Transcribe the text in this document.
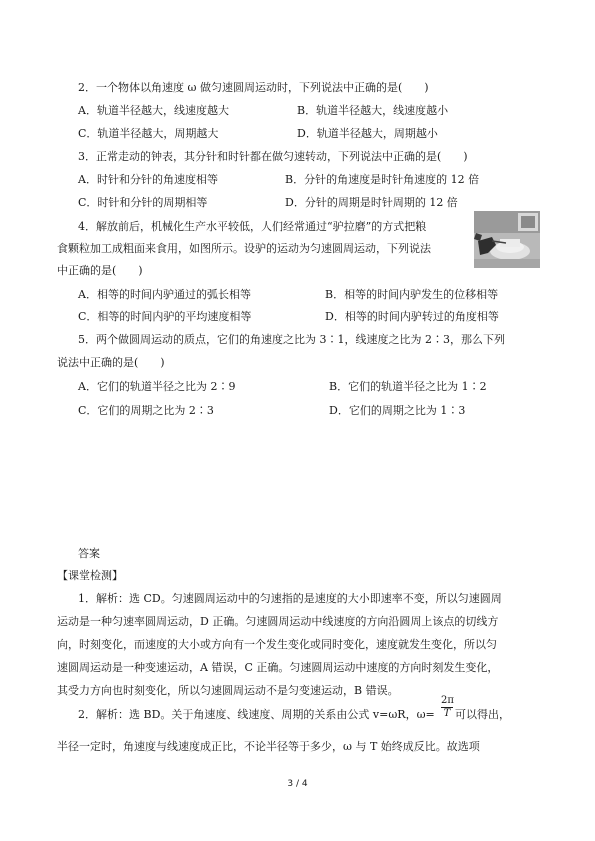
2．一个物体以角速度 ω 做匀速圆周运动时，下列说法中正确的是(　　)
A．轨道半径越大，线速度越大	B．轨道半径越大，线速度越小
C．轨道半径越大，周期越大	D．轨道半径越大，周期越小
3．正常走动的钟表，其分针和时针都在做匀速转动，下列说法中正确的是(　　)
A．时针和分针的角速度相等	B．分针的角速度是时针角速度的 12 倍
C．时针和分针的周期相等	D．分针的周期是时针周期的 12 倍
4．解放前后，机械化生产水平较低，人们经常通过“驴拉磨”的方式把粮
食颗粒加工成粗面来食用，如图所示。设驴的运动为匀速圆周运动，下列说法
中正确的是(　　)
A．相等的时间内驴通过的弧长相等	B．相等的时间内驴发生的位移相等
C．相等的时间内驴的平均速度相等	D．相等的时间内驴转过的角度相等
5．两个做圆周运动的质点，它们的角速度之比为 3∶1，线速度之比为 2∶3，那么下列
说法中正确的是(　　)
A．它们的轨道半径之比为 2∶9	B．它们的轨道半径之比为 1∶2
C．它们的周期之比为 2∶3	D．它们的周期之比为 1∶3
答案
【课堂检测】
1．解析：选 CD。匀速圆周运动中的匀速指的是速度的大小即速率不变，所以匀速圆周
运动是一种匀速率圆周运动，D 正确。匀速圆周运动中线速度的方向沿圆周上该点的切线方
向，时刻变化，而速度的大小或方向有一个发生变化或同时变化，速度就发生变化，所以匀
速圆周运动是一种变速运动，A 错误，C 正确。匀速圆周运动中速度的方向时刻发生变化，
其受力方向也时刻变化，所以匀速圆周运动不是匀变速运动，B 错误。
2．解析：选 BD。关于角速度、线速度、周期的关系由公式 v=ωR，$\omega= \frac{2\pi}{T}$ 可以得出，
半径一定时，角速度与线速度成正比，不论半径等于多少，ω 与 T 始终成反比。故选项
3 / 4
